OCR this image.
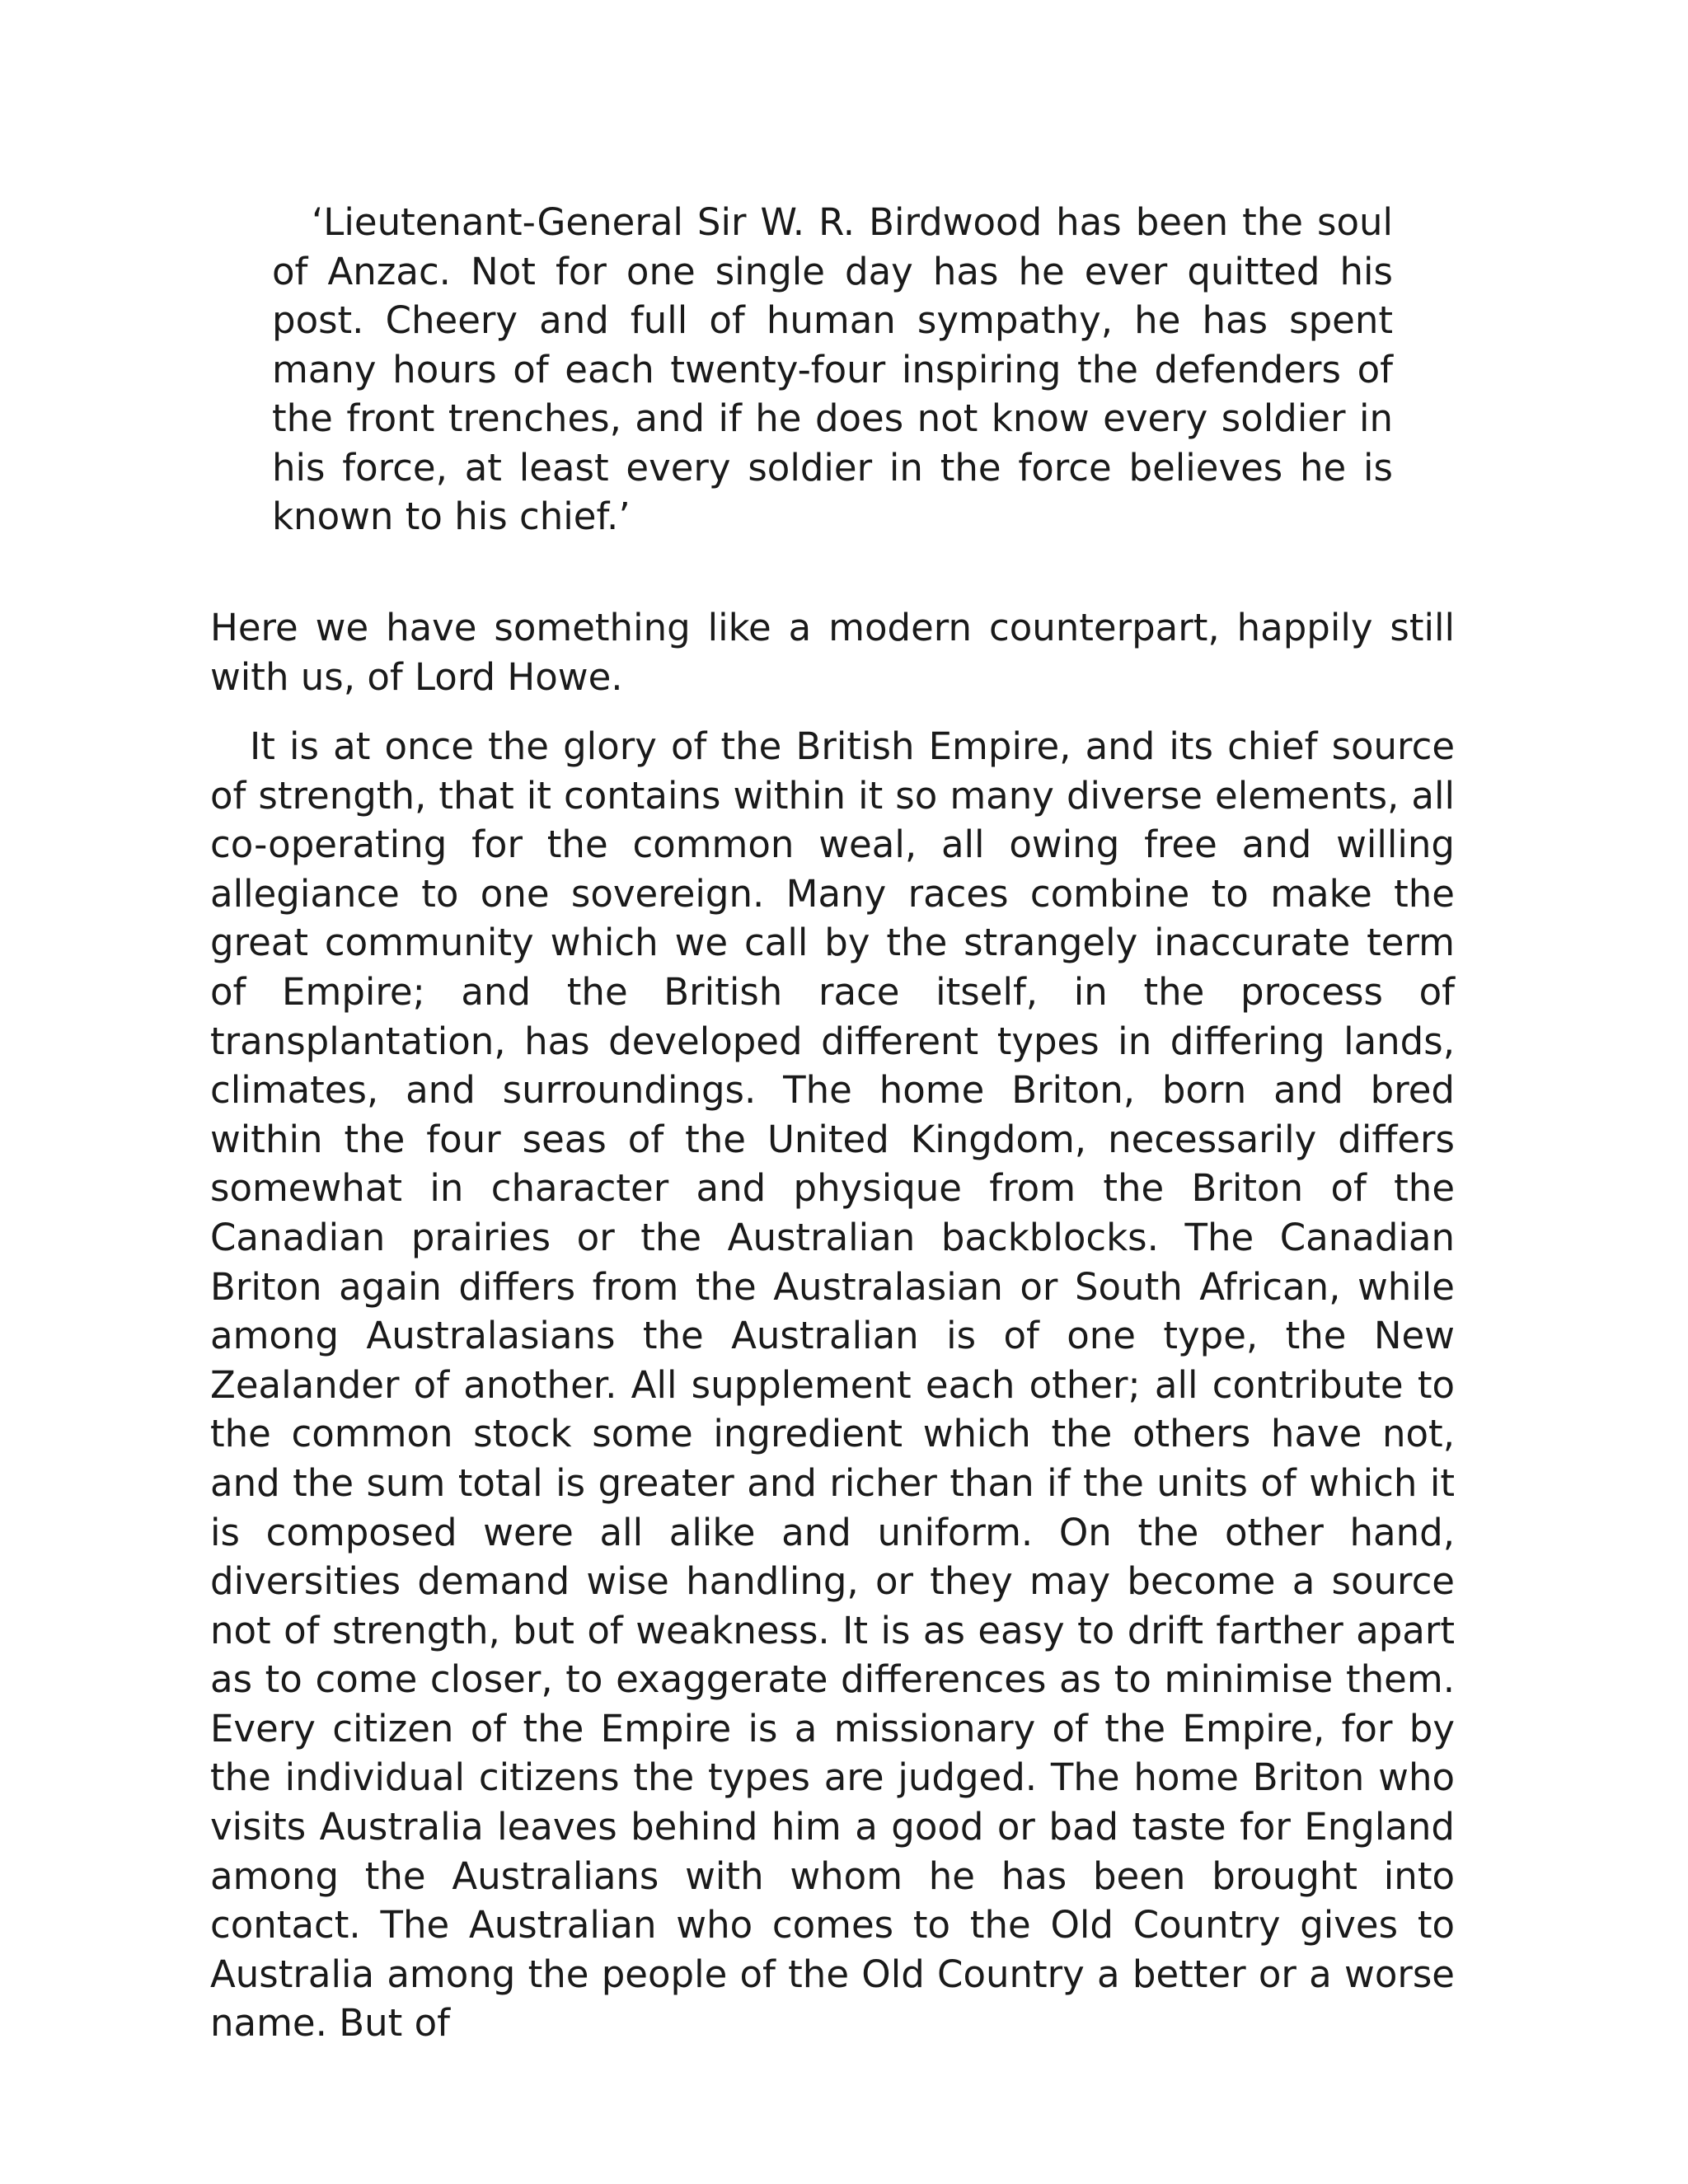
‘Lieutenant-General Sir W. R. Birdwood has been the soul of Anzac. Not for one single day has he ever quitted his post. Cheery and full of human sympathy, he has spent many hours of each twenty-four inspiring the defenders of the front trenches, and if he does not know every soldier in his force, at least every soldier in the force believes he is known to his chief.’

Here we have something like a modern counterpart, happily still with us, of Lord Howe.

It is at once the glory of the British Empire, and its chief source of strength, that it contains within it so many diverse elements, all co-operating for the common weal, all owing free and willing allegiance to one sovereign. Many races combine to make the great community which we call by the strangely inaccurate term of Empire; and the British race itself, in the process of transplantation, has developed different types in differing lands, climates, and surroundings. The home Briton, born and bred within the four seas of the United Kingdom, necessarily differs somewhat in character and physique from the Briton of the Canadian prairies or the Australian backblocks. The Canadian Briton again differs from the Australasian or South African, while among Australasians the Australian is of one type, the New Zealander of another. All supplement each other; all contribute to the common stock some ingredient which the others have not, and the sum total is greater and richer than if the units of which it is composed were all alike and uniform. On the other hand, diversities demand wise handling, or they may become a source not of strength, but of weakness. It is as easy to drift farther apart as to come closer, to exaggerate differences as to minimise them. Every citizen of the Empire is a missionary of the Empire, for by the individual citizens the types are judged. The home Briton who visits Australia leaves behind him a good or bad taste for England among the Australians with whom he has been brought into contact. The Australian who comes to the Old Country gives to Australia among the people of the Old Country a better or a worse name. But of
